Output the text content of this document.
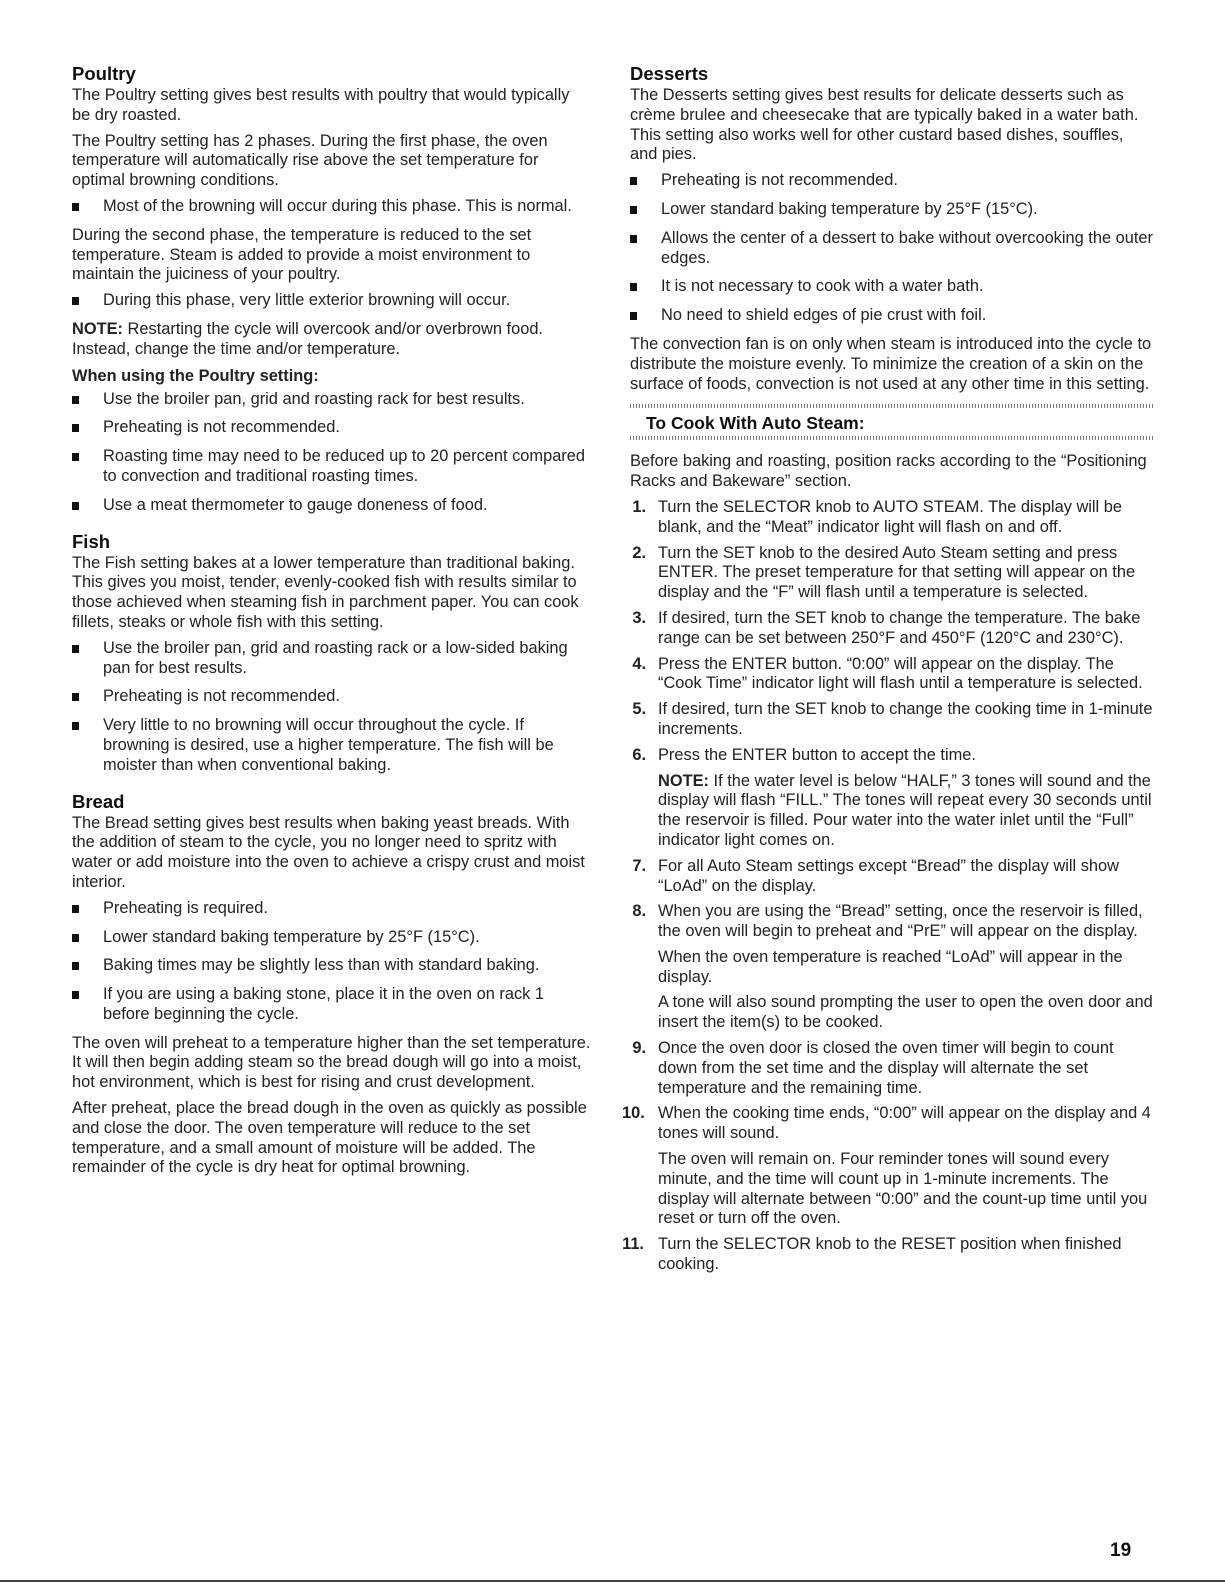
Poultry

The Poultry setting gives best results with poultry that would typically be dry roasted.

The Poultry setting has 2 phases. During the first phase, the oven temperature will automatically rise above the set temperature for optimal browning conditions.

Most of the browning will occur during this phase. This is normal.

During the second phase, the temperature is reduced to the set temperature. Steam is added to provide a moist environment to maintain the juiciness of your poultry.

During this phase, very little exterior browning will occur.

NOTE: Restarting the cycle will overcook and/or overbrown food. Instead, change the time and/or temperature.

When using the Poultry setting:
Use the broiler pan, grid and roasting rack for best results.
Preheating is not recommended.
Roasting time may need to be reduced up to 20 percent compared to convection and traditional roasting times.
Use a meat thermometer to gauge doneness of food.
Fish

The Fish setting bakes at a lower temperature than traditional baking. This gives you moist, tender, evenly-cooked fish with results similar to those achieved when steaming fish in parchment paper. You can cook fillets, steaks or whole fish with this setting.

Use the broiler pan, grid and roasting rack or a low-sided baking pan for best results.
Preheating is not recommended.
Very little to no browning will occur throughout the cycle. If browning is desired, use a higher temperature. The fish will be moister than when conventional baking.
Bread

The Bread setting gives best results when baking yeast breads. With the addition of steam to the cycle, you no longer need to spritz with water or add moisture into the oven to achieve a crispy crust and moist interior.

Preheating is required.
Lower standard baking temperature by 25°F (15°C).
Baking times may be slightly less than with standard baking.
If you are using a baking stone, place it in the oven on rack 1 before beginning the cycle.

The oven will preheat to a temperature higher than the set temperature. It will then begin adding steam so the bread dough will go into a moist, hot environment, which is best for rising and crust development.

After preheat, place the bread dough in the oven as quickly as possible and close the door. The oven temperature will reduce to the set temperature, and a small amount of moisture will be added. The remainder of the cycle is dry heat for optimal browning.

Desserts

The Desserts setting gives best results for delicate desserts such as crème brulee and cheesecake that are typically baked in a water bath. This setting also works well for other custard based dishes, souffles, and pies.

Preheating is not recommended.
Lower standard baking temperature by 25°F (15°C).
Allows the center of a dessert to bake without overcooking the outer edges.
It is not necessary to cook with a water bath.
No need to shield edges of pie crust with foil.

The convection fan is on only when steam is introduced into the cycle to distribute the moisture evenly. To minimize the creation of a skin on the surface of foods, convection is not used at any other time in this setting.

To Cook With Auto Steam:

Before baking and roasting, position racks according to the “Positioning Racks and Bakeware” section.

1. Turn the SELECTOR knob to AUTO STEAM. The display will be blank, and the “Meat” indicator light will flash on and off.
2. Turn the SET knob to the desired Auto Steam setting and press ENTER. The preset temperature for that setting will appear on the display and the “F” will flash until a temperature is selected.
3. If desired, turn the SET knob to change the temperature. The bake range can be set between 250°F and 450°F (120°C and 230°C).
4. Press the ENTER button. “0:00” will appear on the display. The “Cook Time” indicator light will flash until a temperature is selected.
5. If desired, turn the SET knob to change the cooking time in 1-minute increments.
6. Press the ENTER button to accept the time.

NOTE: If the water level is below “HALF,” 3 tones will sound and the display will flash “FILL.” The tones will repeat every 30 seconds until the reservoir is filled. Pour water into the water inlet until the “Full” indicator light comes on.

7. For all Auto Steam settings except “Bread” the display will show “LoAd” on the display.
8. When you are using the “Bread” setting, once the reservoir is filled, the oven will begin to preheat and “PrE” will appear on the display.

When the oven temperature is reached “LoAd” will appear in the display.

A tone will also sound prompting the user to open the oven door and insert the item(s) to be cooked.

9. Once the oven door is closed the oven timer will begin to count down from the set time and the display will alternate the set temperature and the remaining time.
10. When the cooking time ends, “0:00” will appear on the display and 4 tones will sound.

The oven will remain on. Four reminder tones will sound every minute, and the time will count up in 1-minute increments. The display will alternate between “0:00” and the count-up time until you reset or turn off the oven.

11. Turn the SELECTOR knob to the RESET position when finished cooking.
19
